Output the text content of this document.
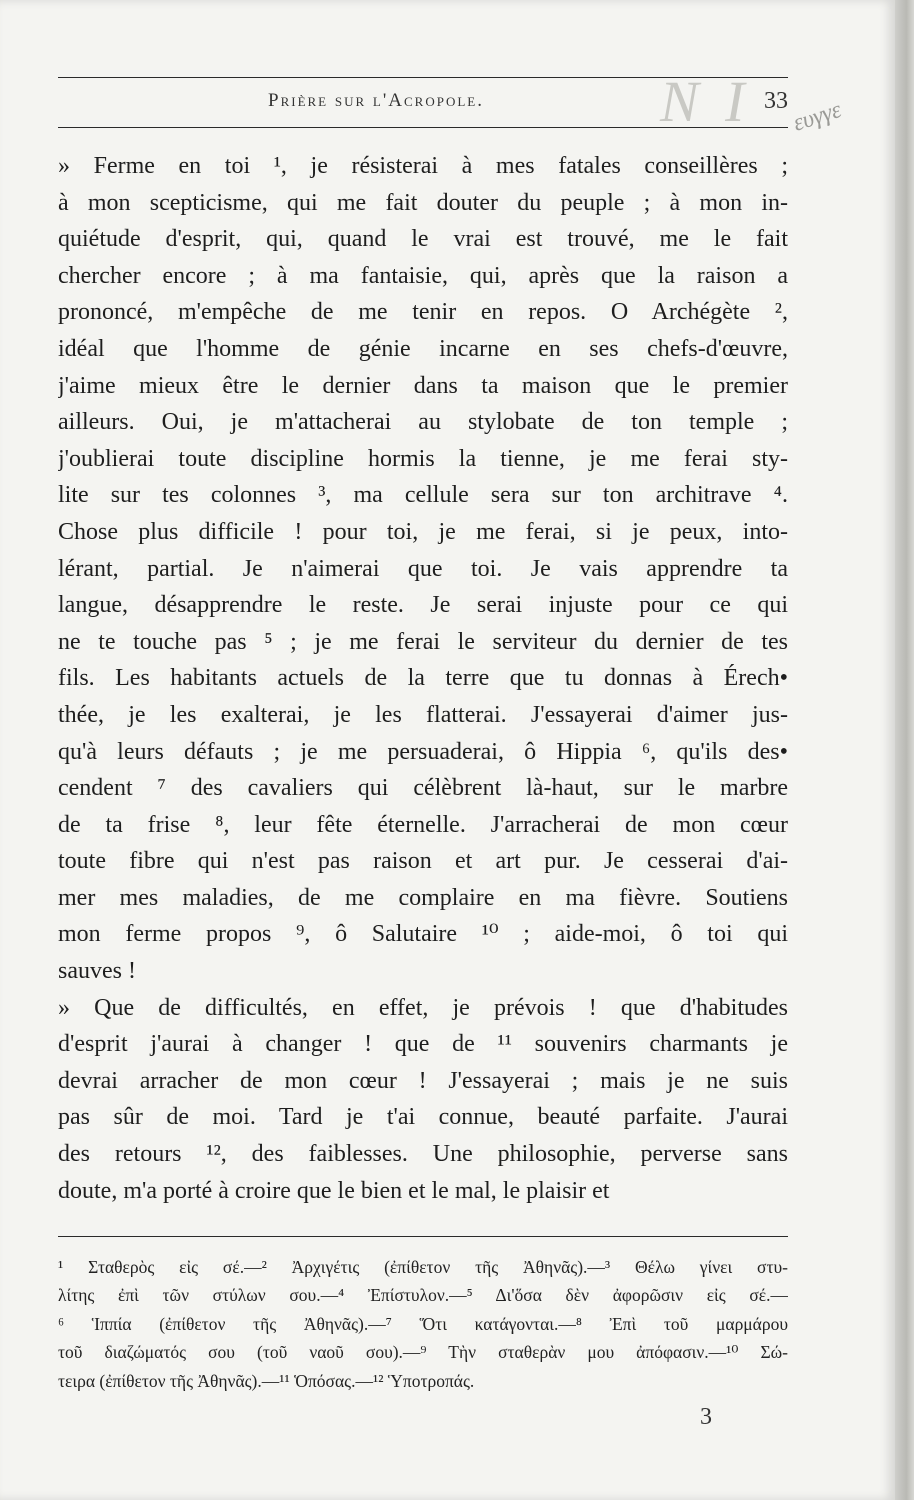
N I
Prière sur l'Acropole.	33 ευγγε
» Ferme en toi ¹, je résisterai à mes fatales conseillères ;
à mon scepticisme, qui me fait douter du peuple ; à mon in-
quiétude d'esprit, qui, quand le vrai est trouvé, me le fait
chercher encore ; à ma fantaisie, qui, après que la raison a
prononcé, m'empêche de me tenir en repos. O Archégète ²,
idéal que l'homme de génie incarne en ses chefs-d'œuvre,
j'aime mieux être le dernier dans ta maison que le premier
ailleurs. Oui, je m'attacherai au stylobate de ton temple ;
j'oublierai toute discipline hormis la tienne, je me ferai sty-
lite sur tes colonnes ³, ma cellule sera sur ton architrave ⁴.
Chose plus difficile ! pour toi, je me ferai, si je peux, into-
lérant, partial. Je n'aimerai que toi. Je vais apprendre ta
langue, désapprendre le reste. Je serai injuste pour ce qui
ne te touche pas ⁵ ; je me ferai le serviteur du dernier de tes
fils. Les habitants actuels de la terre que tu donnas à Érech•
thée, je les exalterai, je les flatterai. J'essayerai d'aimer jus-
qu'à leurs défauts ; je me persuaderai, ô Hippia ⁶, qu'ils des•
cendent ⁷ des cavaliers qui célèbrent là-haut, sur le marbre
de ta frise ⁸, leur fête éternelle. J'arracherai de mon cœur
toute fibre qui n'est pas raison et art pur. Je cesserai d'ai-
mer mes maladies, de me complaire en ma fièvre. Soutiens
mon ferme propos ⁹, ô Salutaire ¹⁰ ; aide-moi, ô toi qui
sauves !
» Que de difficultés, en effet, je prévois ! que d'habitudes
d'esprit j'aurai à changer ! que de ¹¹ souvenirs charmants je
devrai arracher de mon cœur ! J'essayerai ; mais je ne suis
pas sûr de moi. Tard je t'ai connue, beauté parfaite. J'aurai
des retours ¹², des faiblesses. Une philosophie, perverse sans
doute, m'a porté à croire que le bien et le mal, le plaisir et
¹ Σταθερὸς εἰς σέ.—² Ἀρχιγέτις (ἐπίθετον τῆς Ἀθηνᾶς).—³ Θέλω γίνει στυ-
λίτης ἐπὶ τῶν στύλων σου.—⁴ Ἐπίστυλον.—⁵ Δι'ὅσα δὲν ἀφορῶσιν εἰς σέ.—
⁶ Ἱππία (ἐπίθετον τῆς Ἀθηνᾶς).—⁷ Ὅτι κατάγονται.—⁸ Ἐπὶ τοῦ μαρμάρου
τοῦ διαζώματός σου (τοῦ ναοῦ σου).—⁹ Τὴν σταθερὰν μου ἀπόφασιν.—¹⁰ Σώ-
τειρα (ἐπίθετον τῆς Ἀθηνᾶς).—¹¹ Ὁπόσας.—¹² Ὑποτροπάς.
3
